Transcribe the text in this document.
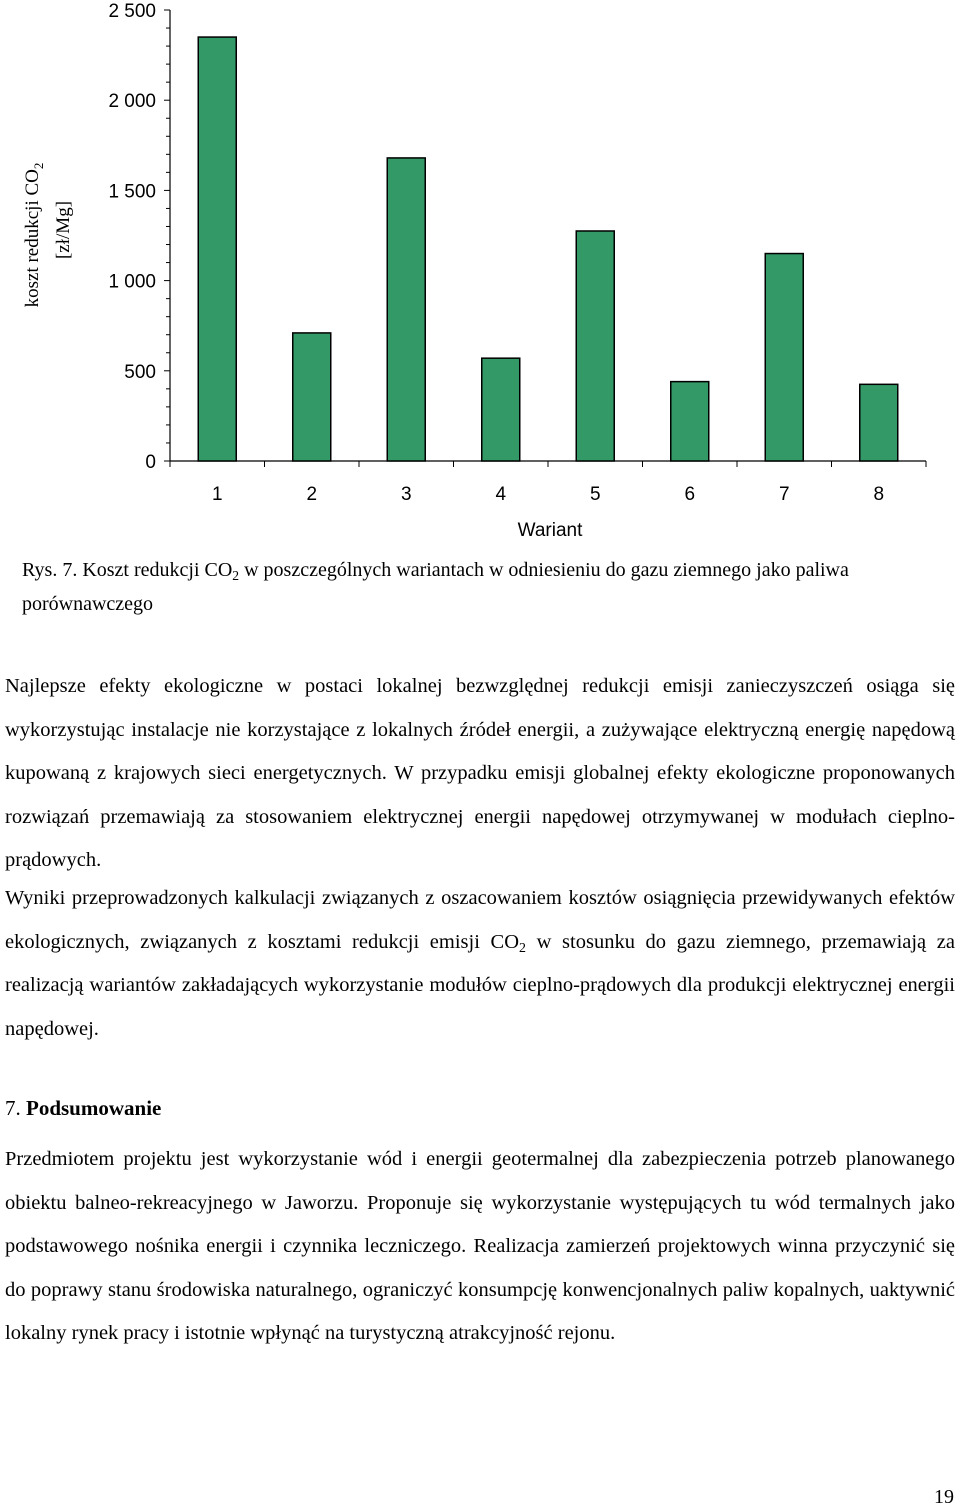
koszt redukcji $CO_2$
[zł/Mg]
0
500
1 000
1 500
2 000
2 500
1	2	3	4	5	6	7	8
Wariant
Rys. 7. Koszt redukcji $CO_2$ w poszczególnych wariantach w odniesieniu do gazu ziemnego jako paliwa porównawczego
Najlepsze efekty ekologiczne w postaci lokalnej bezwzględnej redukcji emisji zanieczyszczeń osiąga się wykorzystując instalacje nie korzystające z lokalnych źródeł energii, a zużywające elektryczną energię napędową kupowaną z krajowych sieci energetycznych. W przypadku emisji globalnej efekty ekologiczne proponowanych rozwiązań przemawiają za stosowaniem elektrycznej energii napędowej otrzymywanej w modułach cieplno-prądowych.
Wyniki przeprowadzonych kalkulacji związanych z oszacowaniem kosztów osiągnięcia przewidywanych efektów ekologicznych, związanych z kosztami redukcji emisji $CO_2$ w stosunku do gazu ziemnego, przemawiają za realizacją wariantów zakładających wykorzystanie modułów cieplno-prądowych dla produkcji elektrycznej energii napędowej.
7. Podsumowanie
Przedmiotem projektu jest wykorzystanie wód i energii geotermalnej dla zabezpieczenia potrzeb planowanego obiektu balneo-rekreacyjnego w Jaworzu. Proponuje się wykorzystanie występujących tu wód termalnych jako podstawowego nośnika energii i czynnika leczniczego. Realizacja zamierzeń projektowych winna przyczynić się do poprawy stanu środowiska naturalnego, ograniczyć konsumpcję konwencjonalnych paliw kopalnych, uaktywnić lokalny rynek pracy i istotnie wpłynąć na turystyczną atrakcyjność rejonu.
19
